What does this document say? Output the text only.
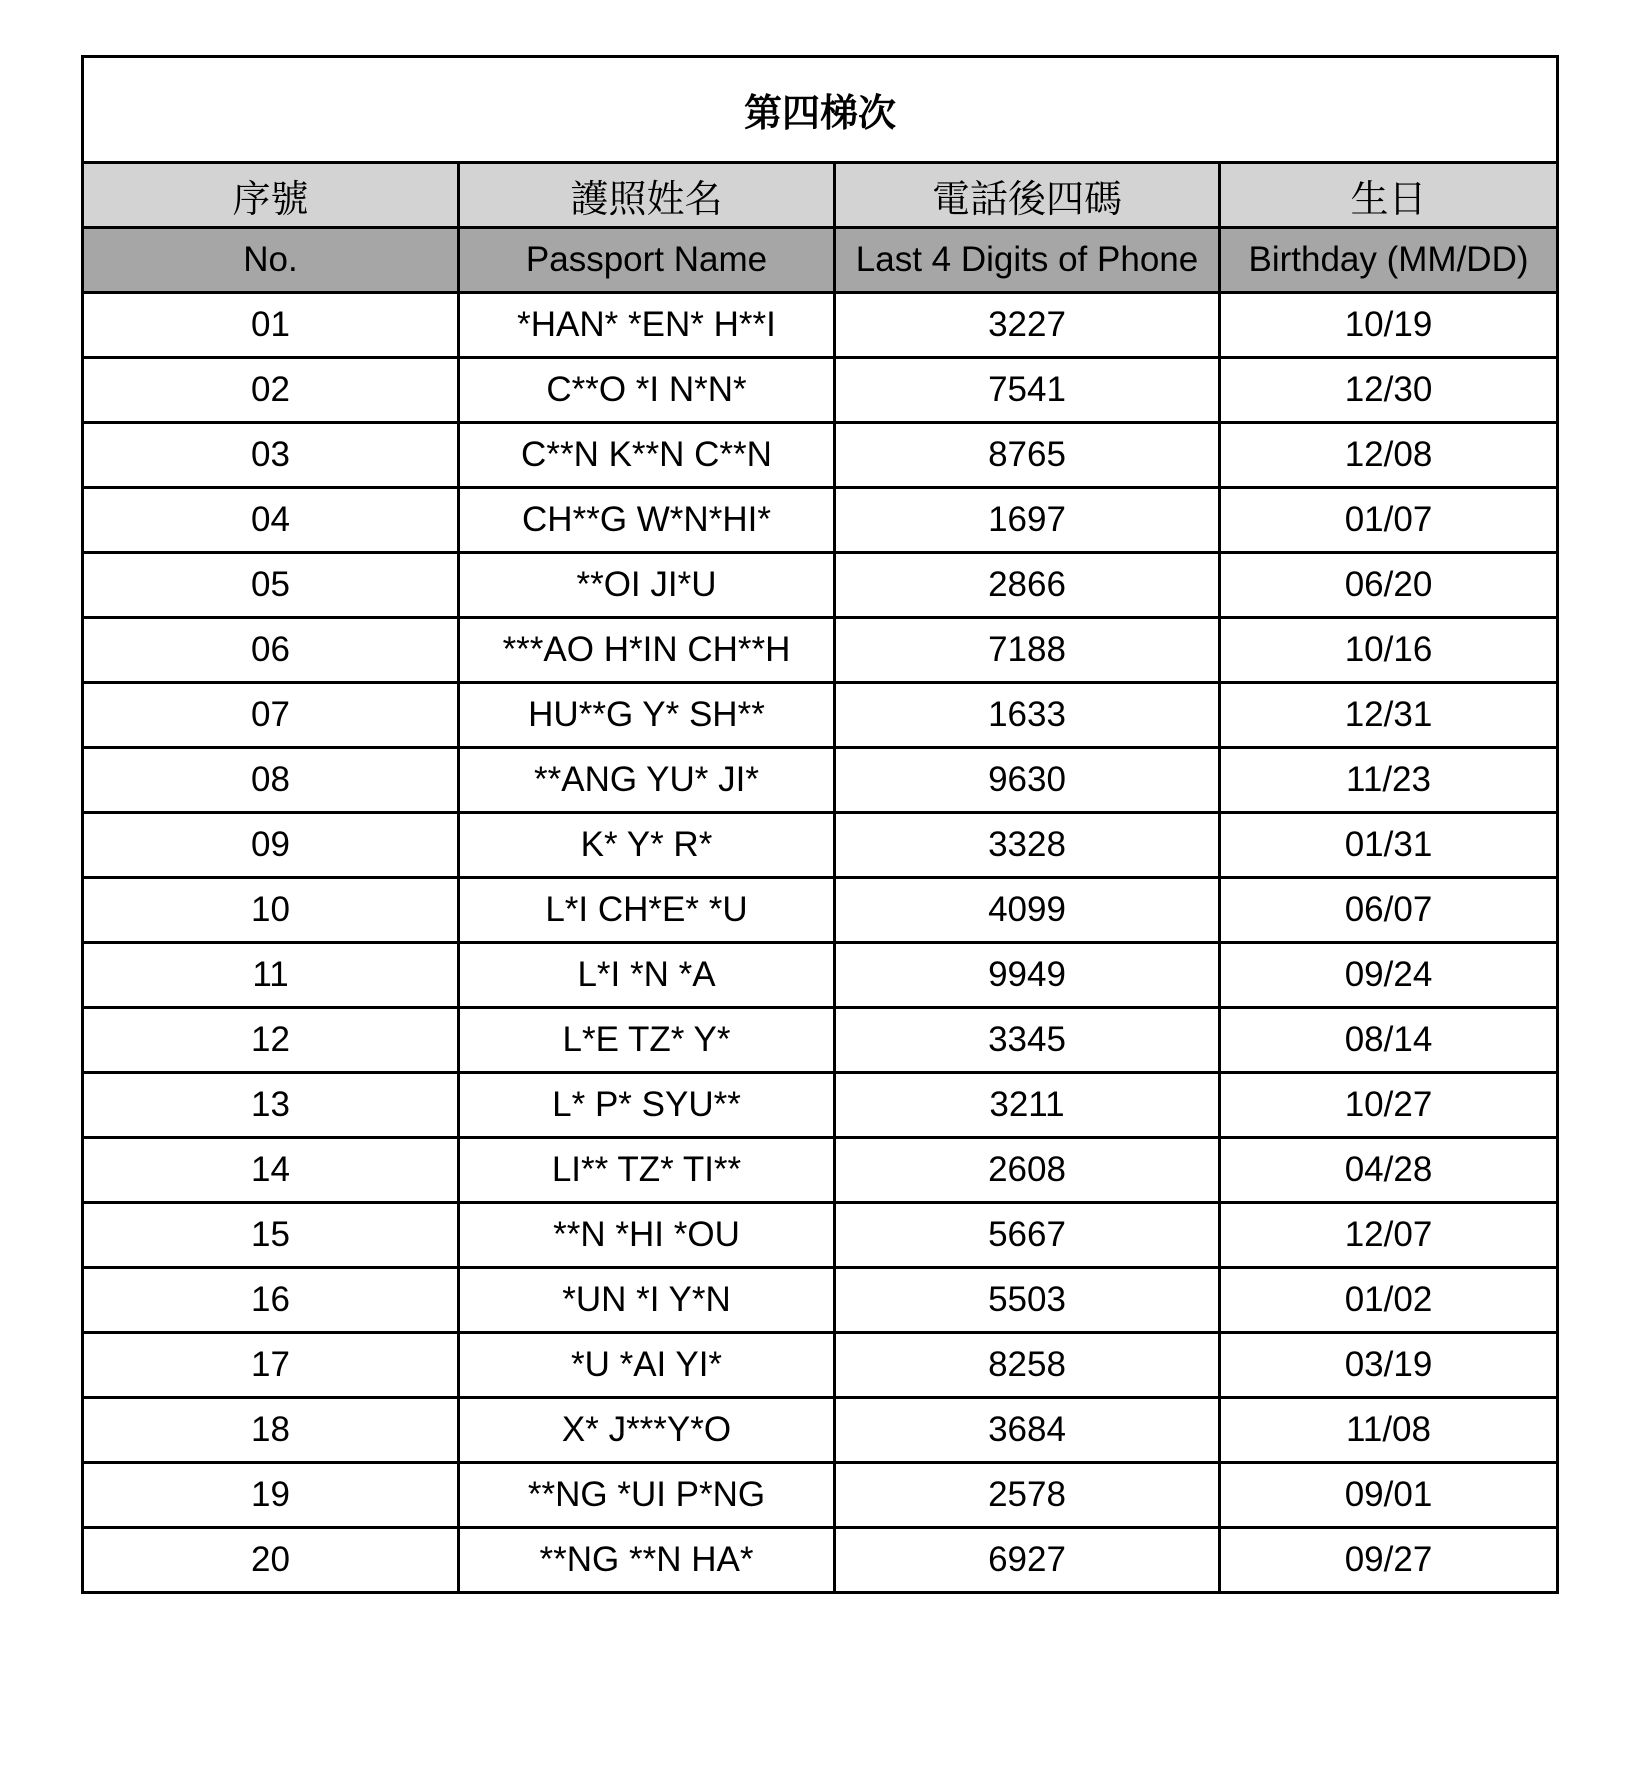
第四梯次			
序號	護照姓名	電話後四碼	生日
No.	Passport Name	Last 4 Digits of Phone	Birthday (MM/DD)
01	*HAN* *EN* H**I	3227	10/19
02	C**O *I N*N*	7541	12/30
03	C**N K**N C**N	8765	12/08
04	CH**G W*N*HI*	1697	01/07
05	**OI JI*U	2866	06/20
06	***AO H*IN CH**H	7188	10/16
07	HU**G Y* SH**	1633	12/31
08	**ANG YU* JI*	9630	11/23
09	K* Y* R*	3328	01/31
10	L*I CH*E* *U	4099	06/07
11	L*I *N *A	9949	09/24
12	L*E TZ* Y*	3345	08/14
13	L* P* SYU**	3211	10/27
14	LI** TZ* TI**	2608	04/28
15	**N *HI *OU	5667	12/07
16	*UN *I Y*N	5503	01/02
17	*U *AI YI*	8258	03/19
18	X* J***Y*O	3684	11/08
19	**NG *UI P*NG	2578	09/01
20	**NG **N HA*	6927	09/27
